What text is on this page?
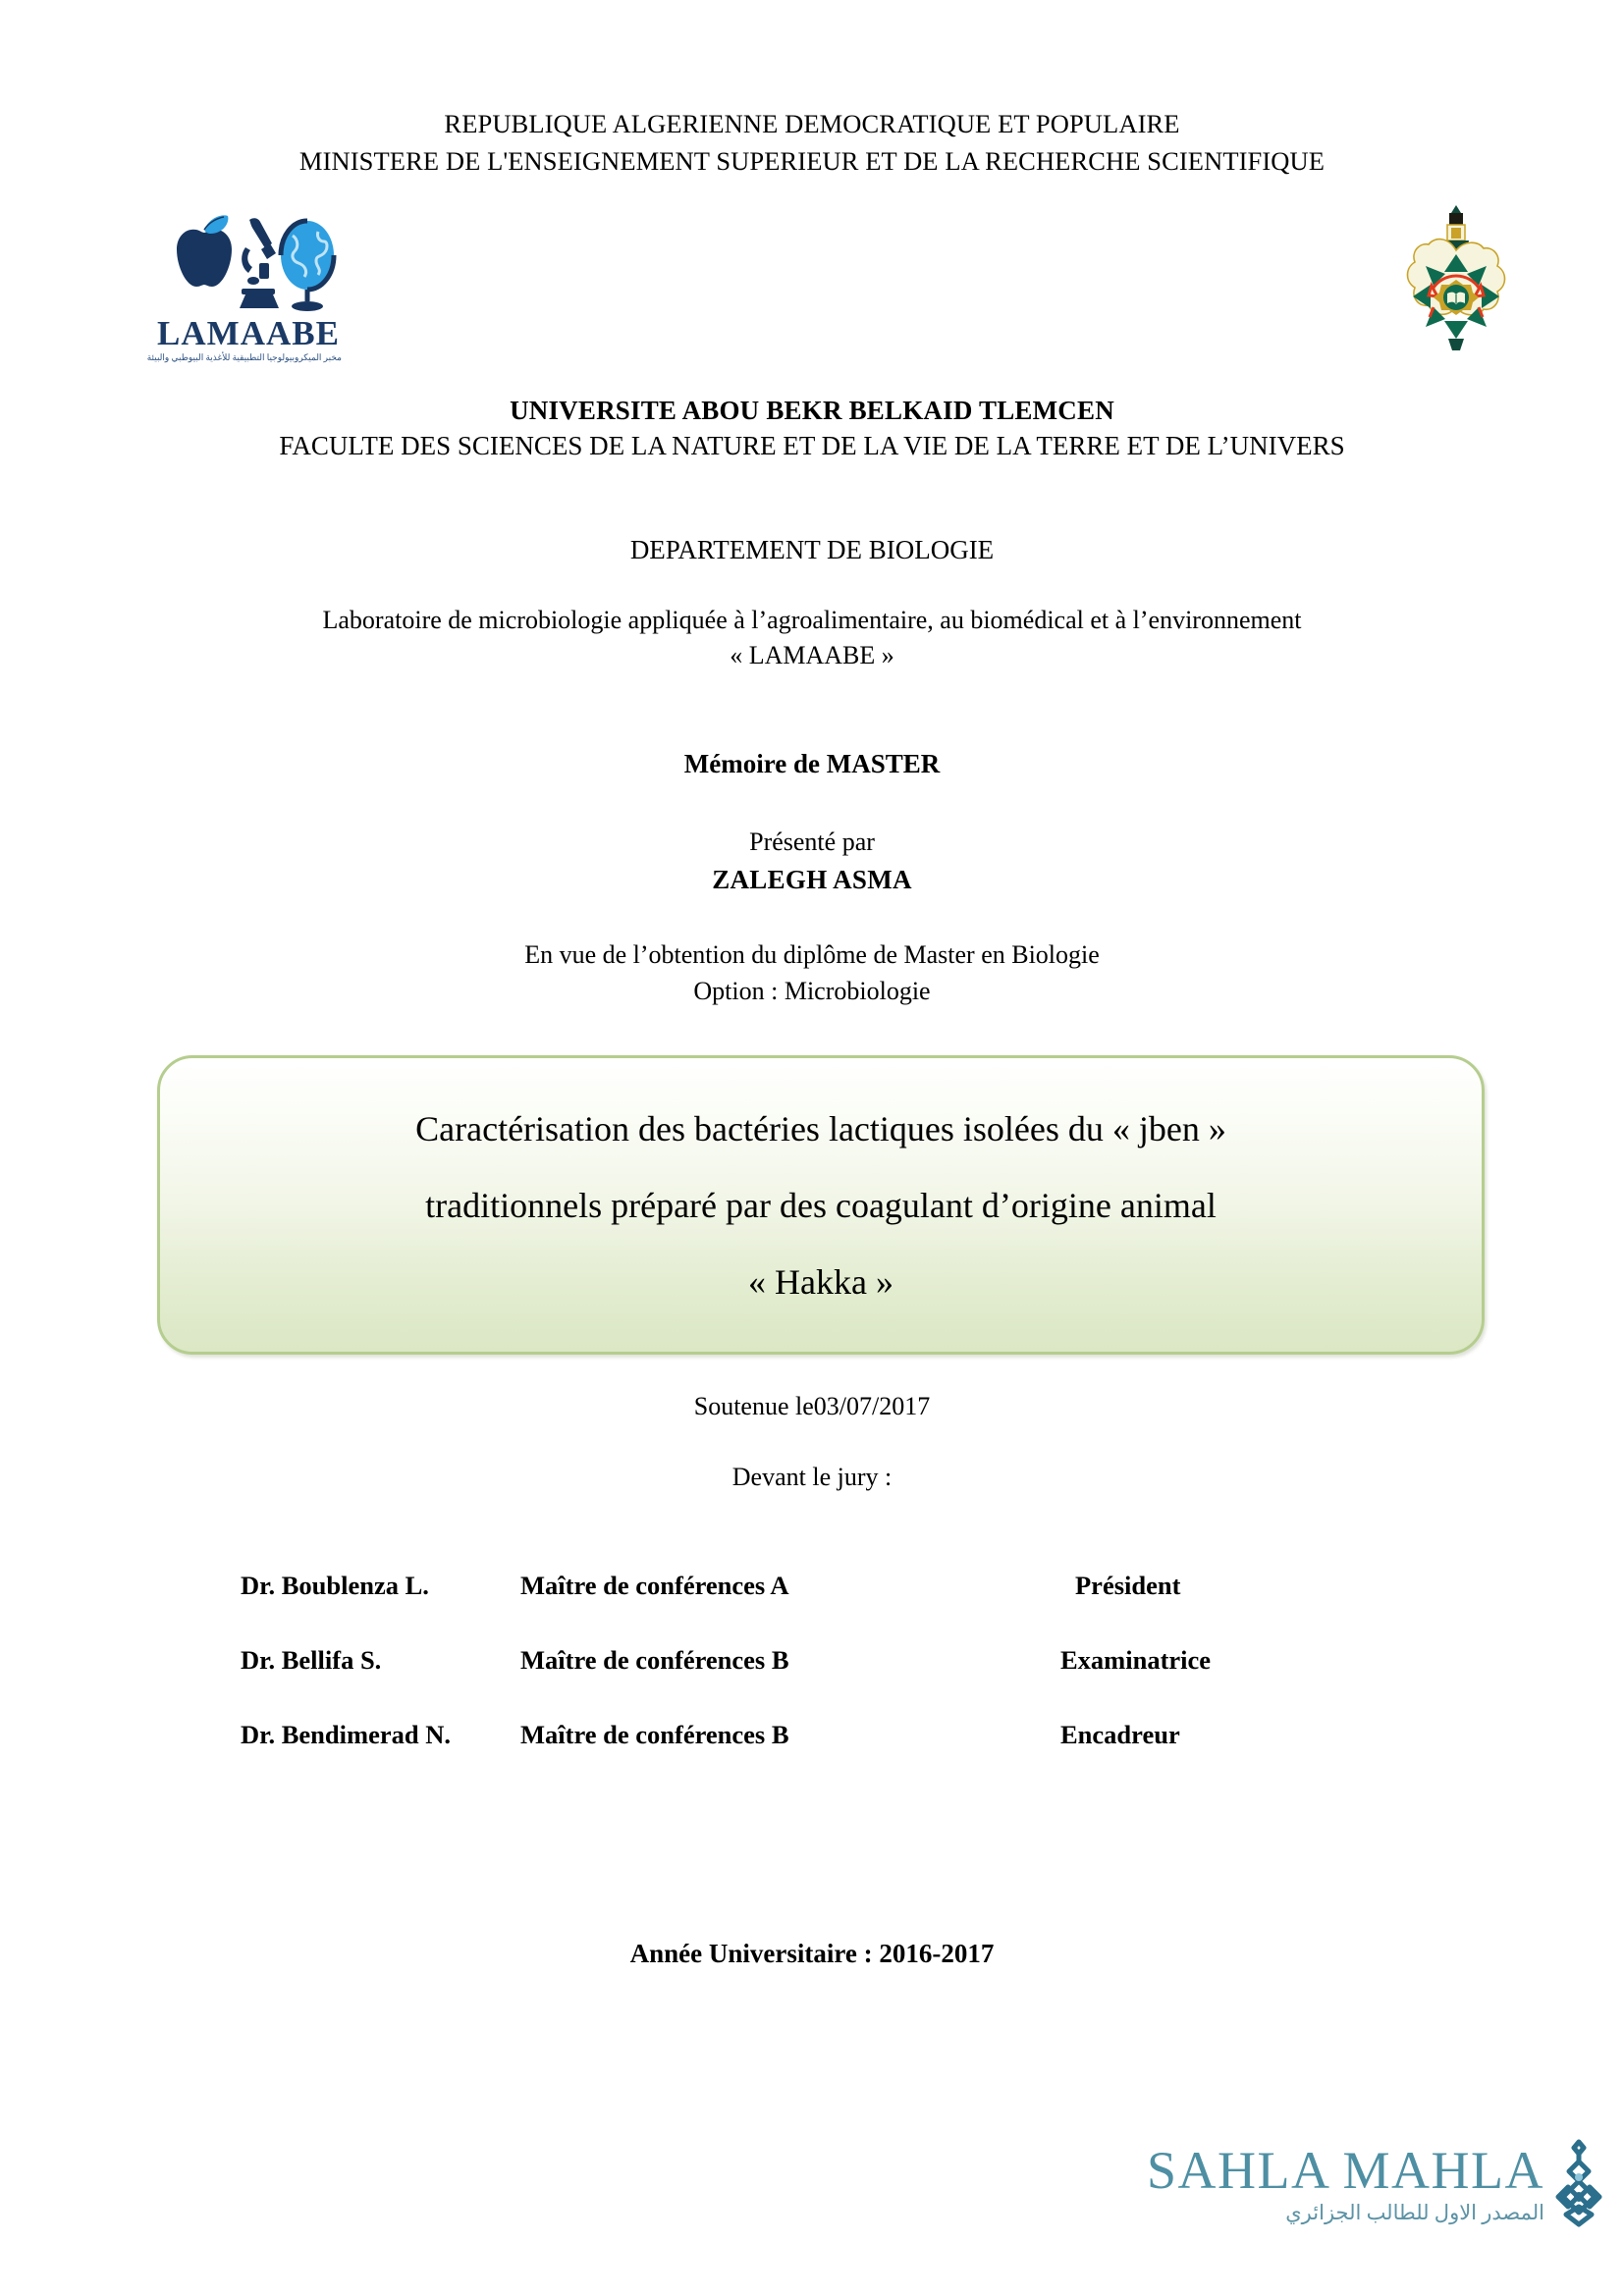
REPUBLIQUE ALGERIENNE DEMOCRATIQUE ET POPULAIRE
MINISTERE DE L'ENSEIGNEMENT SUPERIEUR ET DE LA RECHERCHE SCIENTIFIQUE
LAMAABE
مخبر الميكروبيولوجيا التطبيقية للأغذية البيوطبي والبيئة
UNIVERSITE ABOU BEKR BELKAID TLEMCEN
FACULTE DES SCIENCES DE LA NATURE ET DE LA VIE DE LA TERRE ET DE L’UNIVERS
DEPARTEMENT DE BIOLOGIE
Laboratoire de microbiologie appliquée à l’agroalimentaire, au biomédical et à l’environnement
« LAMAABE »
Mémoire de MASTER
Présenté par
ZALEGH ASMA
En vue de l’obtention du diplôme de Master en Biologie
Option : Microbiologie
Caractérisation des bactéries lactiques isolées du « jben »
traditionnels préparé par des coagulant d’origine animal
« Hakka »
Soutenue le03/07/2017
Devant le jury :
Dr. Boublenza L.	Maître de conférences A	Président
Dr. Bellifa S.	Maître de conférences B	Examinatrice
Dr. Bendimerad N.	Maître de conférences B	Encadreur
Année Universitaire : 2016-2017
SAHLA MAHLA
المصدر الاول للطالب الجزائري
